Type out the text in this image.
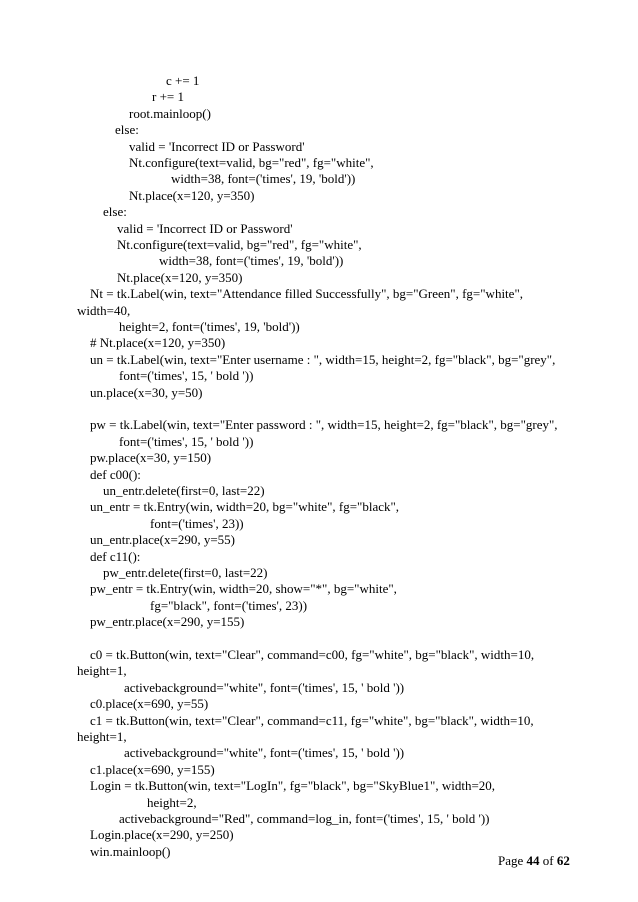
c += 1
r += 1
root.mainloop()
else:
valid = 'Incorrect ID or Password'
Nt.configure(text=valid, bg="red", fg="white",
width=38, font=('times', 19, 'bold'))
Nt.place(x=120, y=350)
else:
valid = 'Incorrect ID or Password'
Nt.configure(text=valid, bg="red", fg="white",
width=38, font=('times', 19, 'bold'))
Nt.place(x=120, y=350)
Nt = tk.Label(win, text="Attendance filled Successfully", bg="Green", fg="white",
width=40,
height=2, font=('times', 19, 'bold'))
# Nt.place(x=120, y=350)
un = tk.Label(win, text="Enter username : ", width=15, height=2, fg="black", bg="grey",
font=('times', 15, ' bold '))
un.place(x=30, y=50)
pw = tk.Label(win, text="Enter password : ", width=15, height=2, fg="black", bg="grey",
font=('times', 15, ' bold '))
pw.place(x=30, y=150)
def c00():
un_entr.delete(first=0, last=22)
un_entr = tk.Entry(win, width=20, bg="white", fg="black",
font=('times', 23))
un_entr.place(x=290, y=55)
def c11():
pw_entr.delete(first=0, last=22)
pw_entr = tk.Entry(win, width=20, show="*", bg="white",
fg="black", font=('times', 23))
pw_entr.place(x=290, y=155)
c0 = tk.Button(win, text="Clear", command=c00, fg="white", bg="black", width=10,
height=1,
activebackground="white", font=('times', 15, ' bold '))
c0.place(x=690, y=55)
c1 = tk.Button(win, text="Clear", command=c11, fg="white", bg="black", width=10,
height=1,
activebackground="white", font=('times', 15, ' bold '))
c1.place(x=690, y=155)
Login = tk.Button(win, text="LogIn", fg="black", bg="SkyBlue1", width=20,
height=2,
activebackground="Red", command=log_in, font=('times', 15, ' bold '))
Login.place(x=290, y=250)
win.mainloop()
Page 44 of 62
